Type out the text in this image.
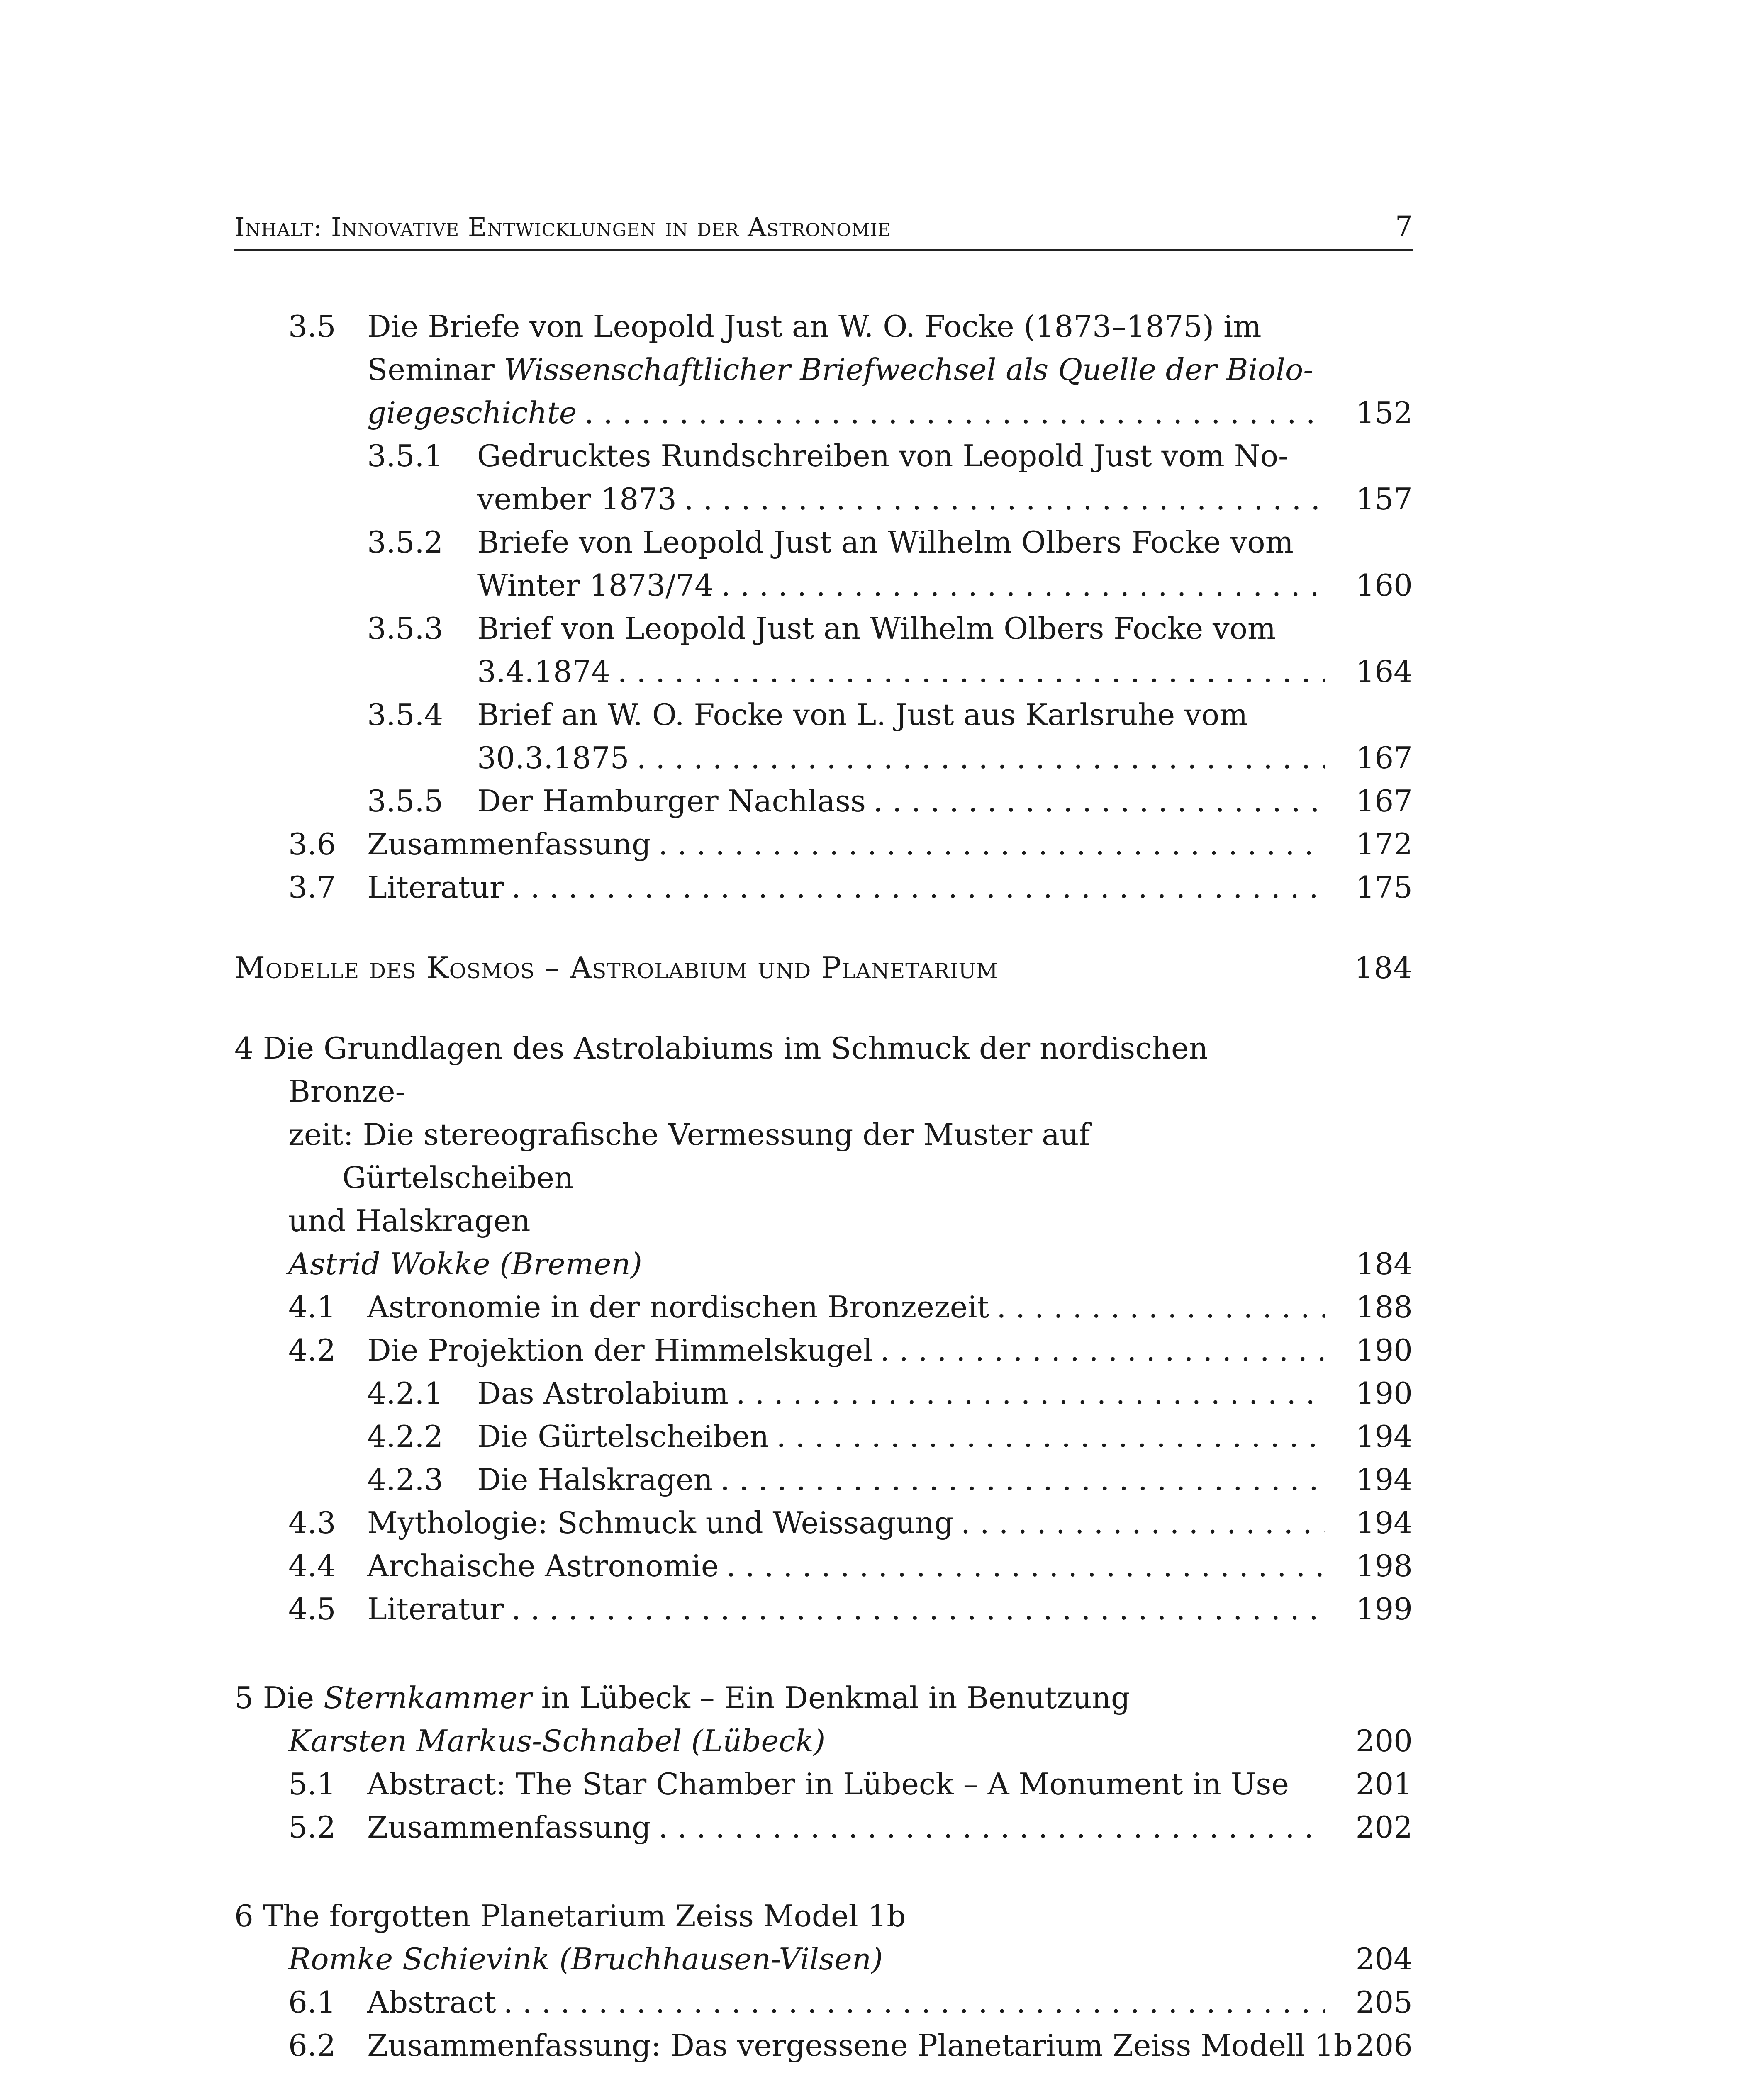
Inhalt: Innovative Entwicklungen in der Astronomie	7
3.5 Die Briefe von Leopold Just an W. O. Focke (1873–1875) im
Seminar Wissenschaftlicher Briefwechsel als Quelle der Biolo-
giegeschichte . . .	152
3.5.1 Gedrucktes Rundschreiben von Leopold Just vom No-
vember 1873 . . .	157
3.5.2 Briefe von Leopold Just an Wilhelm Olbers Focke vom
Winter 1873/74 . . .	160
3.5.3 Brief von Leopold Just an Wilhelm Olbers Focke vom
3.4.1874 . . .	164
3.5.4 Brief an W. O. Focke von L. Just aus Karlsruhe vom
30.3.1875 . . .	167
3.5.5 Der Hamburger Nachlass . . .	167
3.6 Zusammenfassung . . .	172
3.7 Literatur . . .	175
Modelle des Kosmos – Astrolabium und Planetarium	184
4 Die Grundlagen des Astrolabiums im Schmuck der nordischen Bronze-
zeit: Die stereografische Vermessung der Muster auf Gürtelscheiben
und Halskragen
Astrid Wokke (Bremen)	184
4.1 Astronomie in der nordischen Bronzezeit . . .	188
4.2 Die Projektion der Himmelskugel . . .	190
4.2.1 Das Astrolabium . . .	190
4.2.2 Die Gürtelscheiben . . .	194
4.2.3 Die Halskragen . . .	194
4.3 Mythologie: Schmuck und Weissagung . . .	194
4.4 Archaische Astronomie . . .	198
4.5 Literatur . . .	199
5 Die Sternkammer in Lübeck – Ein Denkmal in Benutzung
Karsten Markus-Schnabel (Lübeck)	200
5.1 Abstract: The Star Chamber in Lübeck – A Monument in Use 201
5.2 Zusammenfassung . . .	202
6 The forgotten Planetarium Zeiss Model 1b
Romke Schievink (Bruchhausen-Vilsen)	204
6.1 Abstract . . .	205
6.2 Zusammenfassung: Das vergessene Planetarium Zeiss Modell 1b 206
